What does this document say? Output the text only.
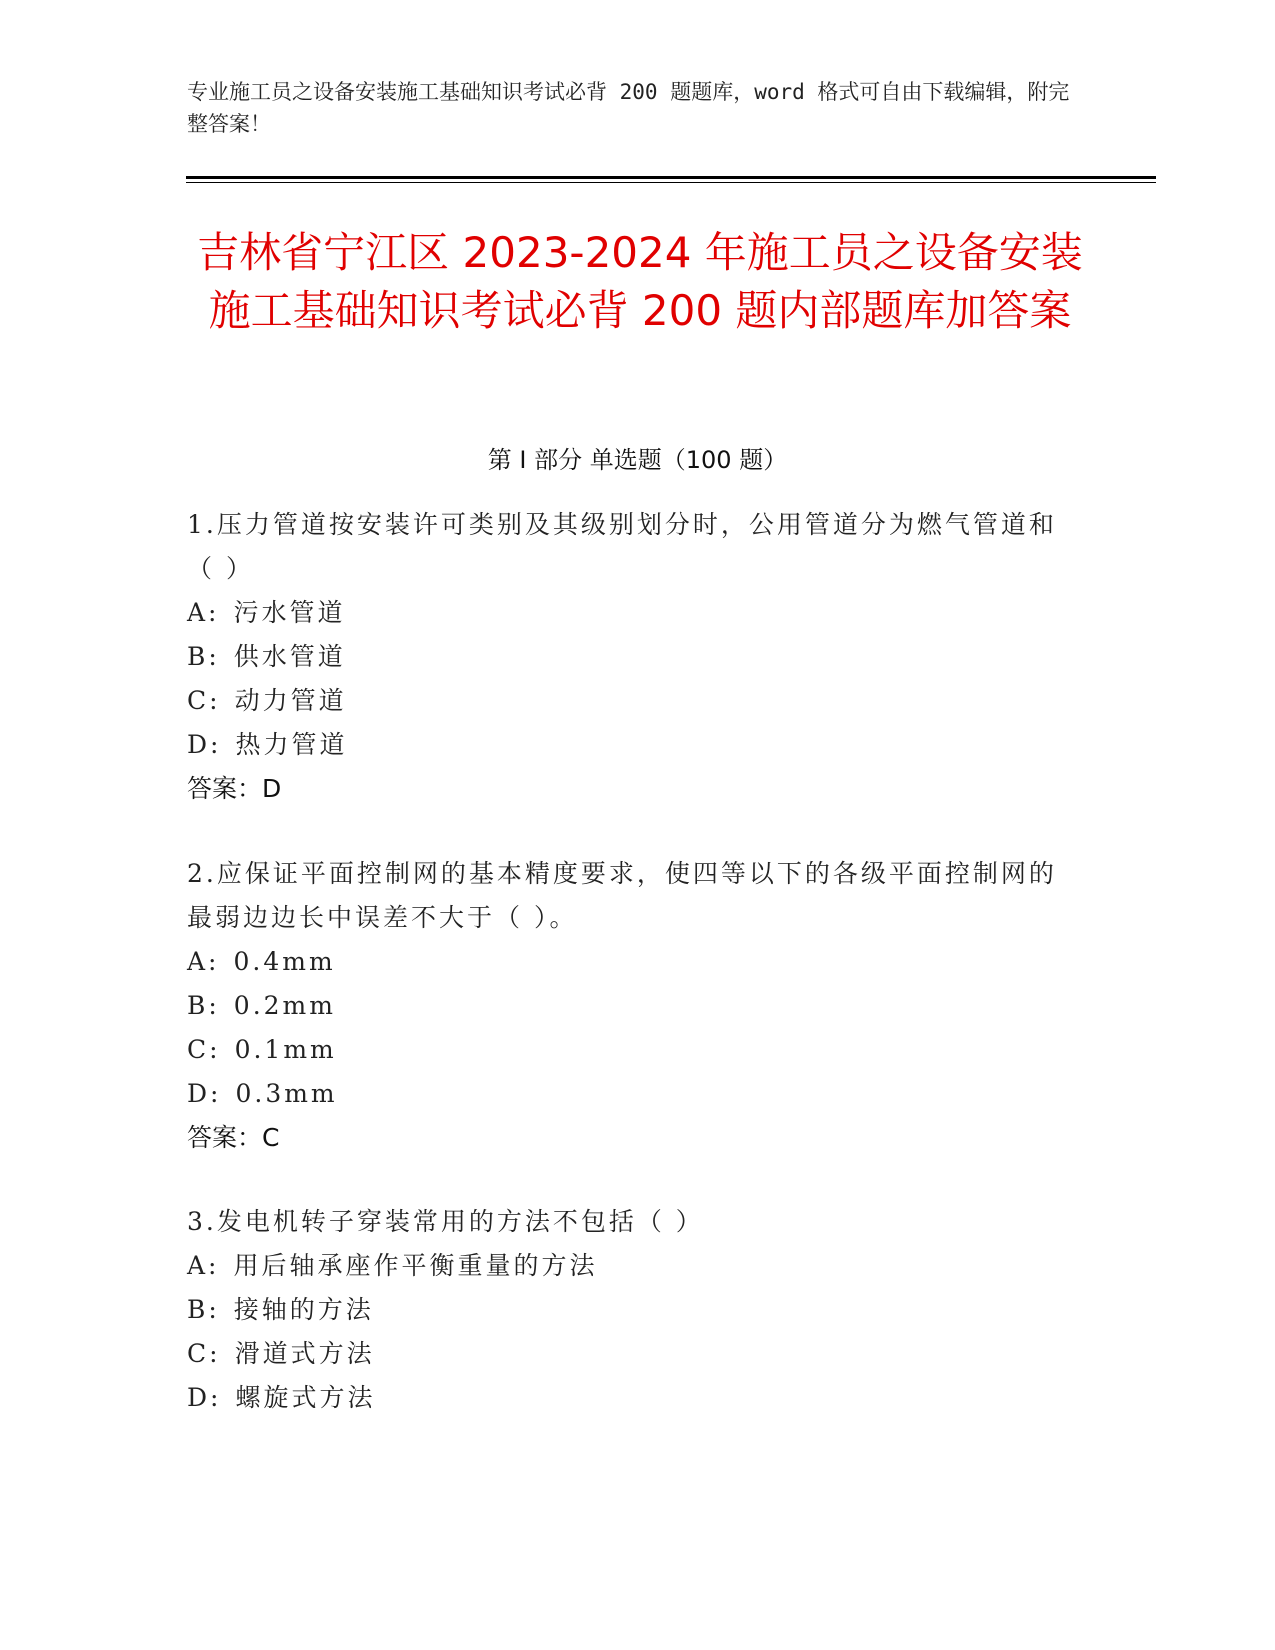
专业施工员之设备安装施工基础知识考试必背 200 题题库，word 格式可自由下载编辑，附完整答案！
吉林省宁江区 2023-2024 年施工员之设备安装施工基础知识考试必背 200 题内部题库加答案
第 I 部分 单选题（100 题）
1.压力管道按安装许可类别及其级别划分时，公用管道分为燃气管道和（ ）
A: 污水管道
B: 供水管道
C: 动力管道
D: 热力管道
答案：D
2.应保证平面控制网的基本精度要求，使四等以下的各级平面控制网的最弱边边长中误差不大于（ ）。
A: 0.4mm
B: 0.2mm
C: 0.1mm
D: 0.3mm
答案：C
3.发电机转子穿装常用的方法不包括（ ）
A: 用后轴承座作平衡重量的方法
B: 接轴的方法
C: 滑道式方法
D: 螺旋式方法
